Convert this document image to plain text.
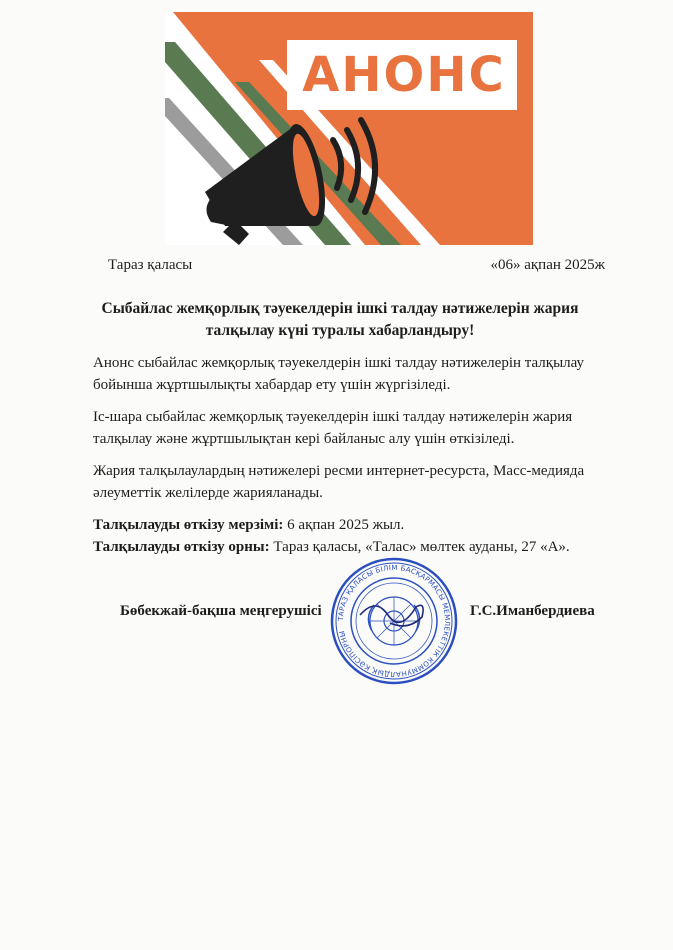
АНОНС
Тараз қаласы	«06» ақпан 2025ж
Сыбайлас жемқорлық тәуекелдерін ішкі талдау нәтижелерін жария талқылау күні туралы хабарландыру!
Анонс сыбайлас жемқорлық тәуекелдерін ішкі талдау нәтижелерін талқылау бойынша жұртшылықты хабардар ету үшін жүргізіледі.
Іс-шара сыбайлас жемқорлық тәуекелдерін ішкі талдау нәтижелерін жария талқылау және жұртшылықтан кері байланыс алу үшін өткізіледі.
Жария талқылаулардың нәтижелері ресми интернет-ресурста, Масс-медияда әлеуметтік желілерде жарияланады.
Талқылауды өткізу мерзімі: 6 ақпан 2025 жыл.
Талқылауды өткізу орны: Тараз қаласы, «Талас» мөлтек ауданы, 27 «А».
Бөбекжай-бақша меңгерушісі	Г.С.Иманбердиева
ТАРАЗ ҚАЛАСЫ БІЛІМ БАСҚАРМАСЫ МЕМЛЕКЕТТІК КОММУНАЛДЫҚ КӘСІПОРНЫ
